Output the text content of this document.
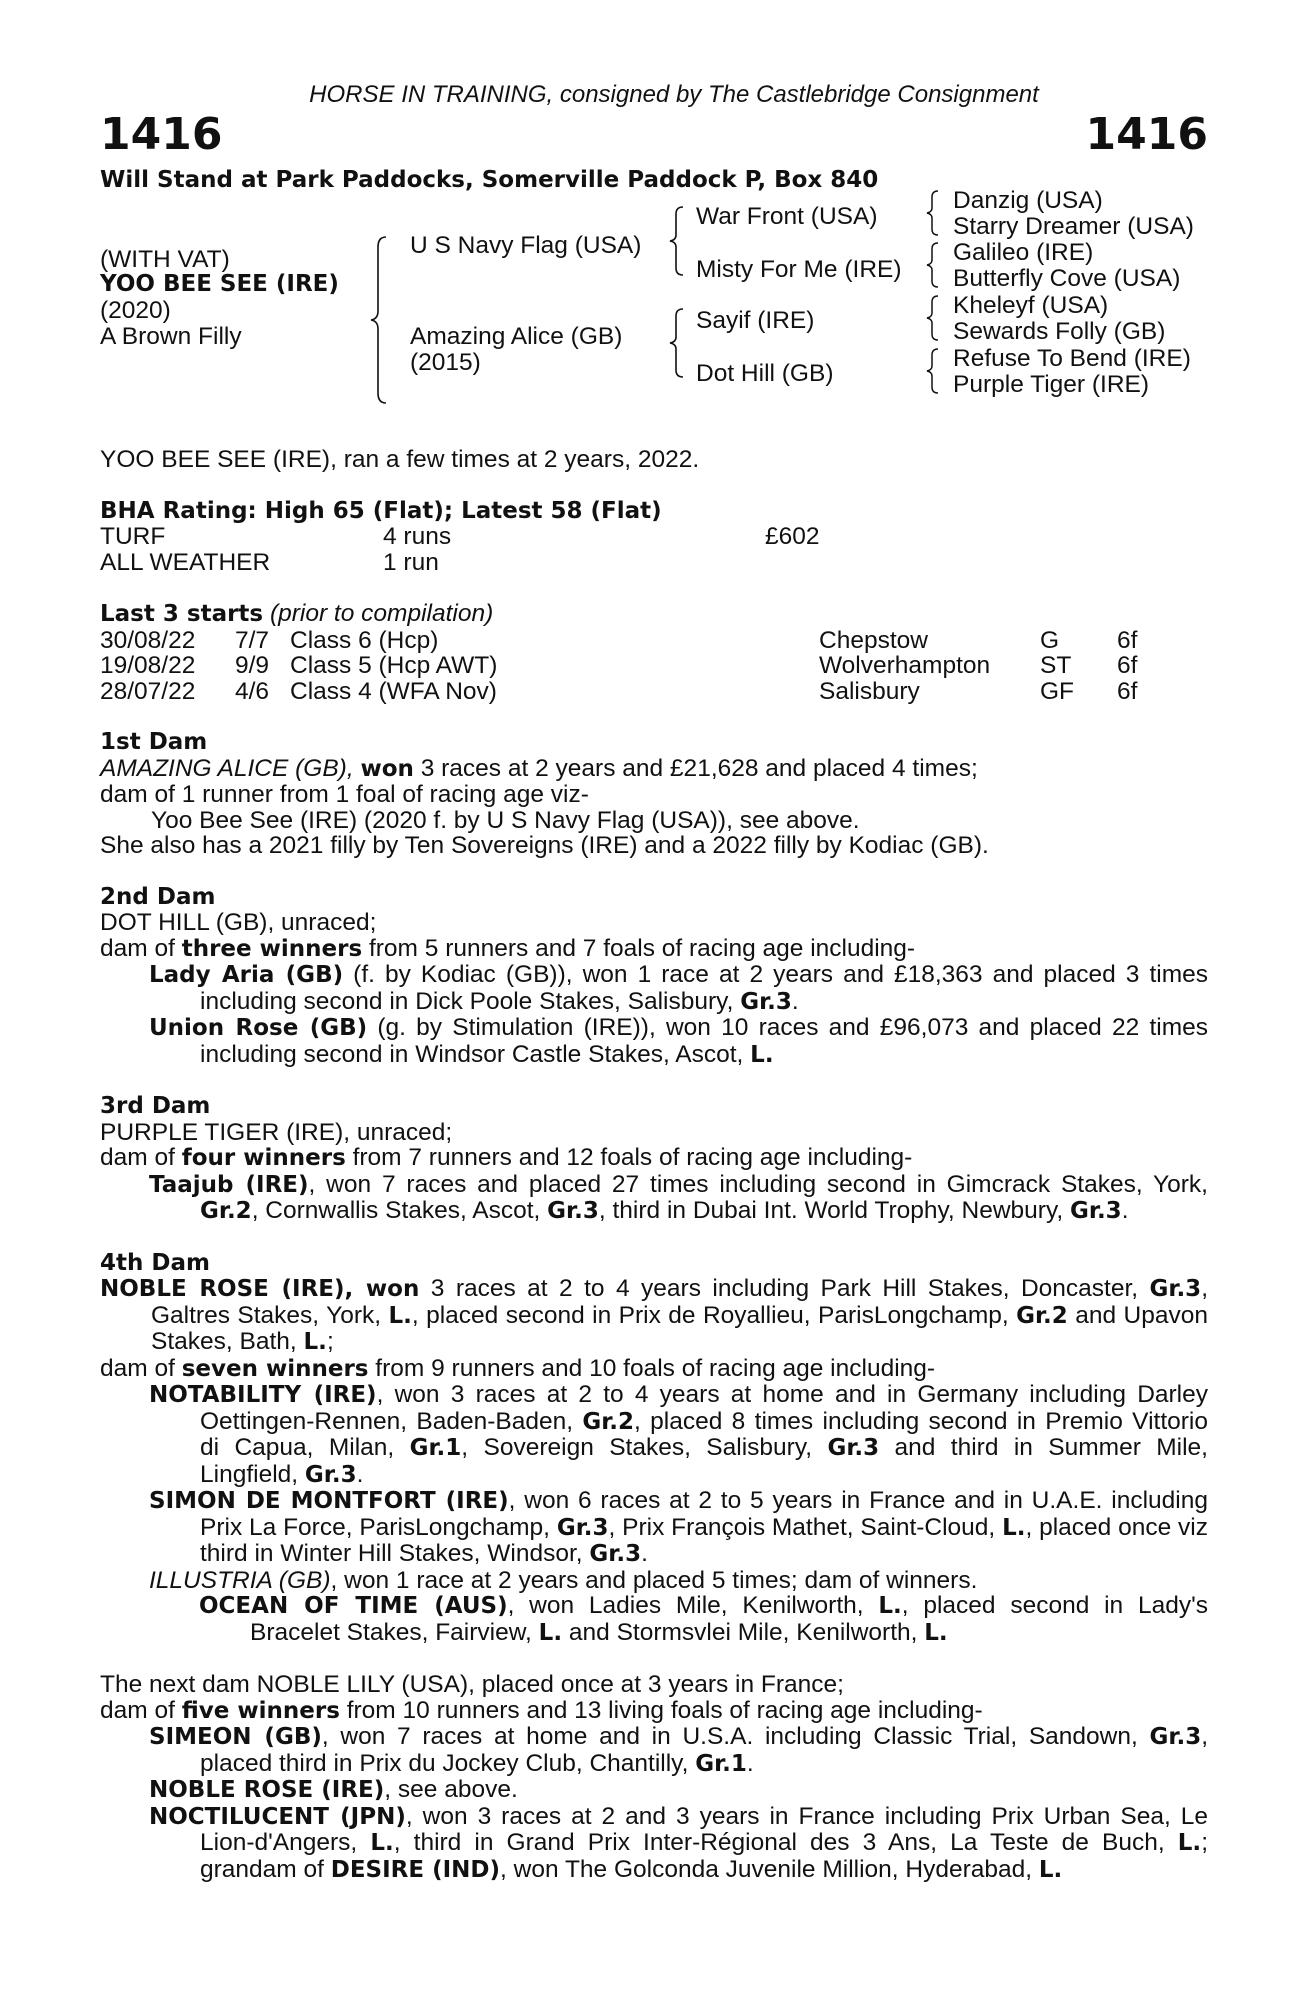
HORSE IN TRAINING, consigned by The Castlebridge Consignment
1416	1416
Will Stand at Park Paddocks, Somerville Paddock P, Box 840
(WITH VAT)
YOO BEE SEE (IRE)
(2020)
A Brown Filly
U S Navy Flag (USA)
Amazing Alice (GB)
(2015)
War Front (USA)
Misty For Me (IRE)
Sayif (IRE)
Dot Hill (GB)
Danzig (USA)
Starry Dreamer (USA)
Galileo (IRE)
Butterfly Cove (USA)
Kheleyf (USA)
Sewards Folly (GB)
Refuse To Bend (IRE)
Purple Tiger (IRE)
YOO BEE SEE (IRE), ran a few times at 2 years, 2022.
BHA Rating: High 65 (Flat); Latest 58 (Flat)
TURF	4 runs	£602
ALL WEATHER	1 run	
Last 3 starts (prior to compilation)
30/08/22	7/7	Class 6 (Hcp)	Chepstow	G	6f
19/08/22	9/9	Class 5 (Hcp AWT)	Wolverhampton	ST	6f
28/07/22	4/6	Class 4 (WFA Nov)	Salisbury	GF	6f
1st Dam
AMAZING ALICE (GB), won 3 races at 2 years and £21,628 and placed 4 times;
dam of 1 runner from 1 foal of racing age viz-
Yoo Bee See (IRE) (2020 f. by U S Navy Flag (USA)), see above.
She also has a 2021 filly by Ten Sovereigns (IRE) and a 2022 filly by Kodiac (GB).
2nd Dam
DOT HILL (GB), unraced;
dam of three winners from 5 runners and 7 foals of racing age including-
Lady Aria (GB) (f. by Kodiac (GB)), won 1 race at 2 years and £18,363 and placed 3 times including second in Dick Poole Stakes, Salisbury, Gr.3.
Union Rose (GB) (g. by Stimulation (IRE)), won 10 races and £96,073 and placed 22 times including second in Windsor Castle Stakes, Ascot, L.
3rd Dam
PURPLE TIGER (IRE), unraced;
dam of four winners from 7 runners and 12 foals of racing age including-
Taajub (IRE), won 7 races and placed 27 times including second in Gimcrack Stakes, York, Gr.2, Cornwallis Stakes, Ascot, Gr.3, third in Dubai Int. World Trophy, Newbury, Gr.3.
4th Dam
NOBLE ROSE (IRE), won 3 races at 2 to 4 years including Park Hill Stakes, Doncaster, Gr.3, Galtres Stakes, York, L., placed second in Prix de Royallieu, ParisLongchamp, Gr.2 and Upavon Stakes, Bath, L.;
dam of seven winners from 9 runners and 10 foals of racing age including-
NOTABILITY (IRE), won 3 races at 2 to 4 years at home and in Germany including Darley Oettingen-Rennen, Baden-Baden, Gr.2, placed 8 times including second in Premio Vittorio di Capua, Milan, Gr.1, Sovereign Stakes, Salisbury, Gr.3 and third in Summer Mile, Lingfield, Gr.3.
SIMON DE MONTFORT (IRE), won 6 races at 2 to 5 years in France and in U.A.E. including Prix La Force, ParisLongchamp, Gr.3, Prix François Mathet, Saint-Cloud, L., placed once viz third in Winter Hill Stakes, Windsor, Gr.3.
ILLUSTRIA (GB), won 1 race at 2 years and placed 5 times; dam of winners.
OCEAN OF TIME (AUS), won Ladies Mile, Kenilworth, L., placed second in Lady's Bracelet Stakes, Fairview, L. and Stormsvlei Mile, Kenilworth, L.
The next dam NOBLE LILY (USA), placed once at 3 years in France;
dam of five winners from 10 runners and 13 living foals of racing age including-
SIMEON (GB), won 7 races at home and in U.S.A. including Classic Trial, Sandown, Gr.3, placed third in Prix du Jockey Club, Chantilly, Gr.1.
NOBLE ROSE (IRE), see above.
NOCTILUCENT (JPN), won 3 races at 2 and 3 years in France including Prix Urban Sea, Le Lion-d'Angers, L., third in Grand Prix Inter-Régional des 3 Ans, La Teste de Buch, L.; grandam of DESIRE (IND), won The Golconda Juvenile Million, Hyderabad, L.
